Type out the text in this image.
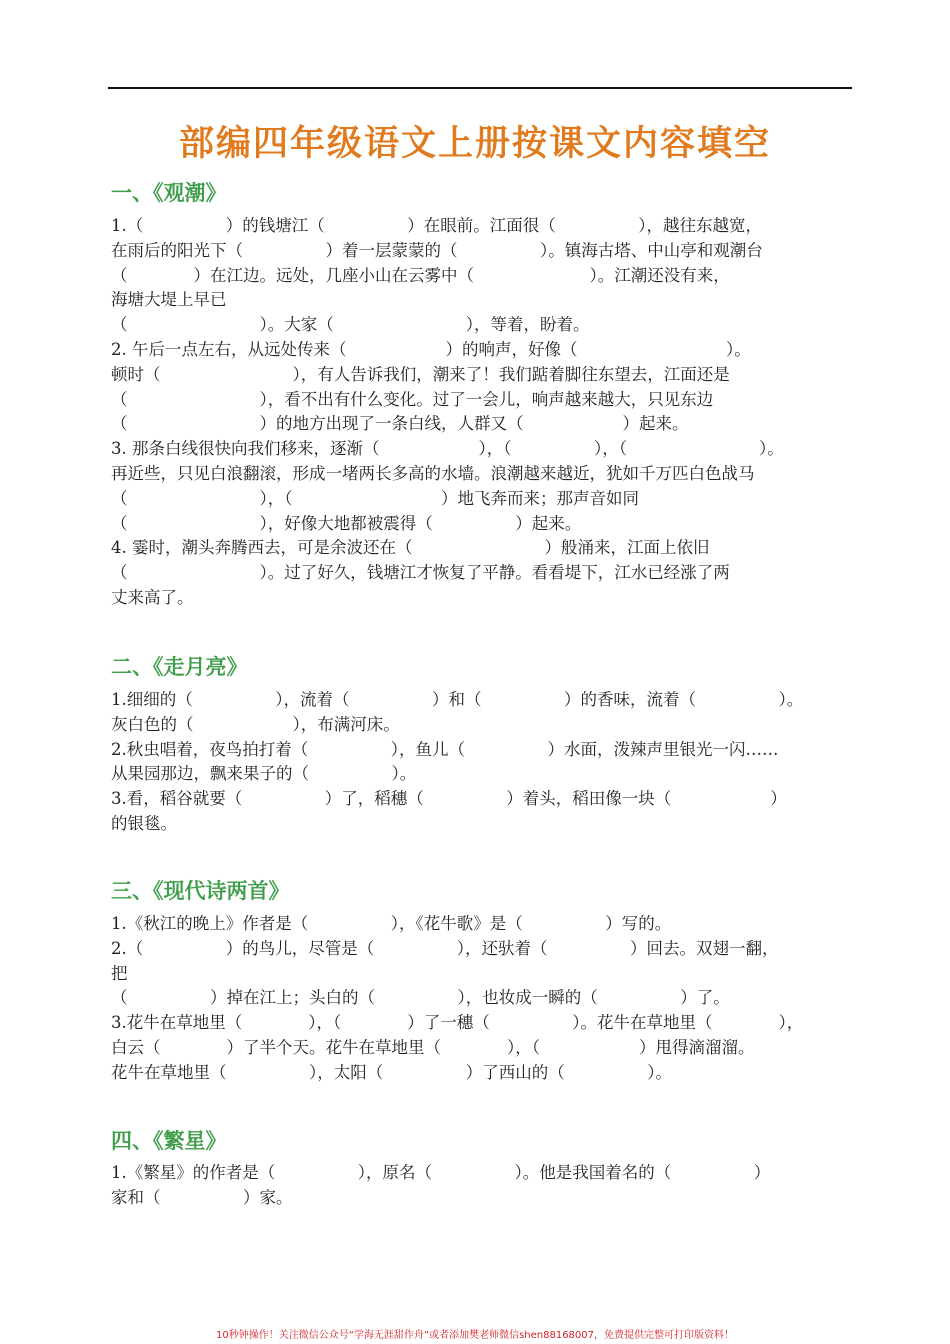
部编四年级语文上册按课文内容填空
一、《观潮》
1.（　　　　　）的钱塘江（　　　　　）在眼前。江面很（　　　　　），越往东越宽，
在雨后的阳光下（　　　　　）着一层蒙蒙的（　　　　　）。镇海古塔、中山亭和观潮台
（　　　　）在江边。远处，几座小山在云雾中（　　　　　　　）。江潮还没有来，
海塘大堤上早已
（　　　　　　　　）。大家（　　　　　　　　），等着，盼着。
2. 午后一点左右，从远处传来（　　　　　　）的响声，好像（　　　　　　　　　）。
顿时（　　　　　　　　），有人告诉我们，潮来了！我们踮着脚往东望去，江面还是
（　　　　　　　　），看不出有什么变化。过了一会儿，响声越来越大，只见东边
（　　　　　　　　）的地方出现了一条白线，人群又（　　　　　　）起来。
3. 那条白线很快向我们移来，逐渐（　　　　　　），（　　　　　），（　　　　　　　　）。
再近些，只见白浪翻滚，形成一堵两长多高的水墙。浪潮越来越近，犹如千万匹白色战马
（　　　　　　　　），（　　　　　　　　　）地飞奔而来；那声音如同
（　　　　　　　　），好像大地都被震得（　　　　　）起来。
4. 霎时，潮头奔腾西去，可是余波还在（　　　　　　　　）般涌来，江面上依旧
（　　　　　　　　）。过了好久，钱塘江才恢复了平静。看看堤下，江水已经涨了两
丈来高了。
二、《走月亮》
1.细细的（　　　　　），流着（　　　　　）和（　　　　　）的香味，流着（　　　　　）。
灰白色的（　　　　　　），布满河床。
2.秋虫唱着，夜鸟拍打着（　　　　　），鱼儿（　　　　　）水面，泼辣声里银光一闪……
从果园那边，飘来果子的（　　　　　）。
3.看，稻谷就要（　　　　　）了，稻穗（　　　　　）着头，稻田像一块（　　　　　　）
的银毯。
三、《现代诗两首》
1.《秋江的晚上》作者是（　　　　　），《花牛歌》是（　　　　　）写的。
2.（　　　　　）的鸟儿，尽管是（　　　　　），还驮着（　　　　　）回去。双翅一翻，
把
（　　　　　）掉在江上；头白的（　　　　　），也妆成一瞬的（　　　　　）了。
3.花牛在草地里（　　　　），（　　　　）了一穗（　　　　　）。花牛在草地里（　　　　），
白云（　　　　）了半个天。花牛在草地里（　　　　），（　　　　　　）甩得滴溜溜。
花牛在草地里（　　　　　），太阳（　　　　　）了西山的（　　　　　）。
四、《繁星》
1.《繁星》的作者是（　　　　　），原名（　　　　　）。他是我国着名的（　　　　　）
家和（　　　　　）家。
10秒钟操作！关注微信公众号“学海无涯甜作舟”或者添加樊老师微信shen88168007，免费提供完整可打印版资料！
